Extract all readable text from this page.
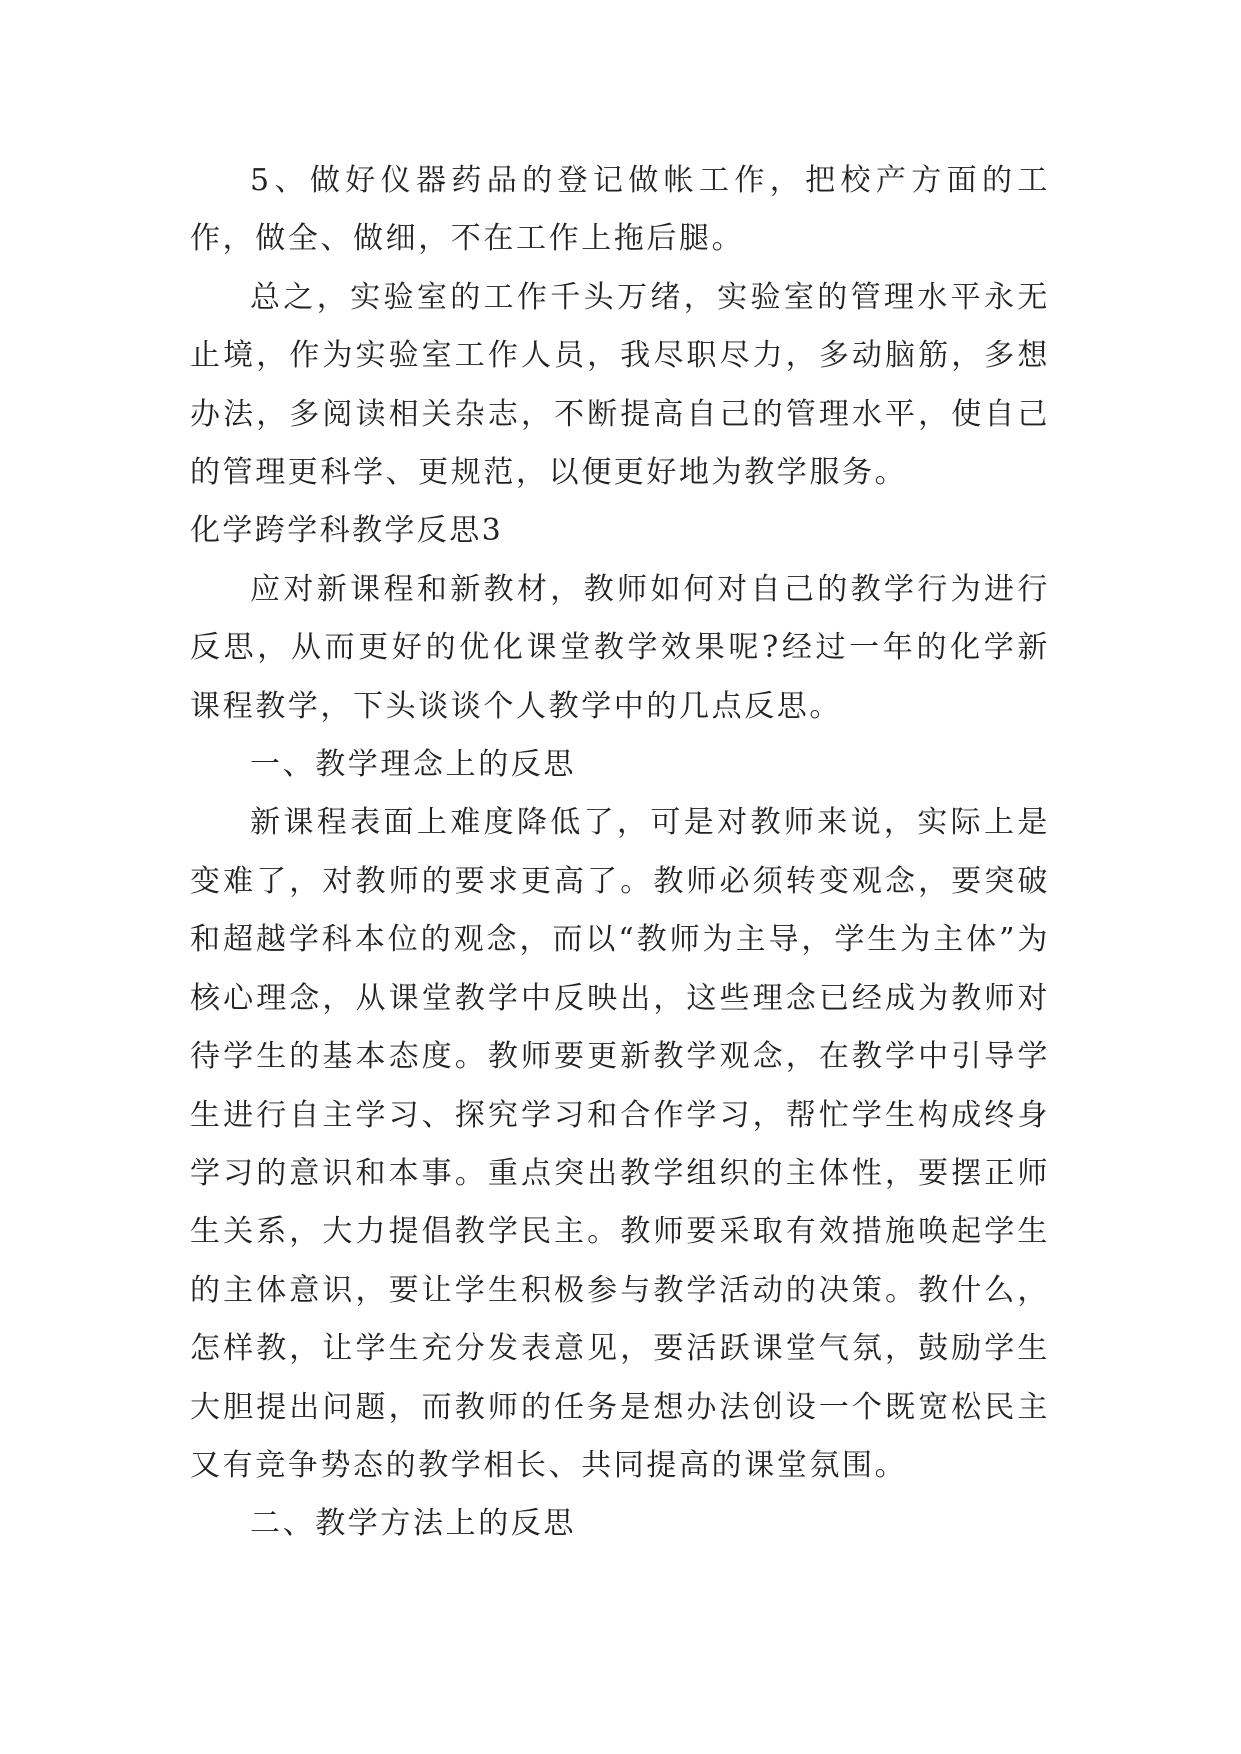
5、做好仪器药品的登记做帐工作，把校产方面的工作，做全、做细，不在工作上拖后腿。

总之，实验室的工作千头万绪，实验室的管理水平永无止境，作为实验室工作人员，我尽职尽力，多动脑筋，多想办法，多阅读相关杂志，不断提高自己的管理水平，使自己的管理更科学、更规范，以便更好地为教学服务。

化学跨学科教学反思3

应对新课程和新教材，教师如何对自己的教学行为进行反思，从而更好的优化课堂教学效果呢?经过一年的化学新课程教学，下头谈谈个人教学中的几点反思。

一、教学理念上的反思

新课程表面上难度降低了，可是对教师来说，实际上是变难了，对教师的要求更高了。教师必须转变观念，要突破和超越学科本位的观念，而以“教师为主导，学生为主体”为核心理念，从课堂教学中反映出，这些理念已经成为教师对待学生的基本态度。教师要更新教学观念，在教学中引导学生进行自主学习、探究学习和合作学习，帮忙学生构成终身学习的意识和本事。重点突出教学组织的主体性，要摆正师生关系，大力提倡教学民主。教师要采取有效措施唤起学生的主体意识，要让学生积极参与教学活动的决策。教什么，怎样教，让学生充分发表意见，要活跃课堂气氛，鼓励学生大胆提出问题，而教师的任务是想办法创设一个既宽松民主又有竞争势态的教学相长、共同提高的课堂氛围。

二、教学方法上的反思
